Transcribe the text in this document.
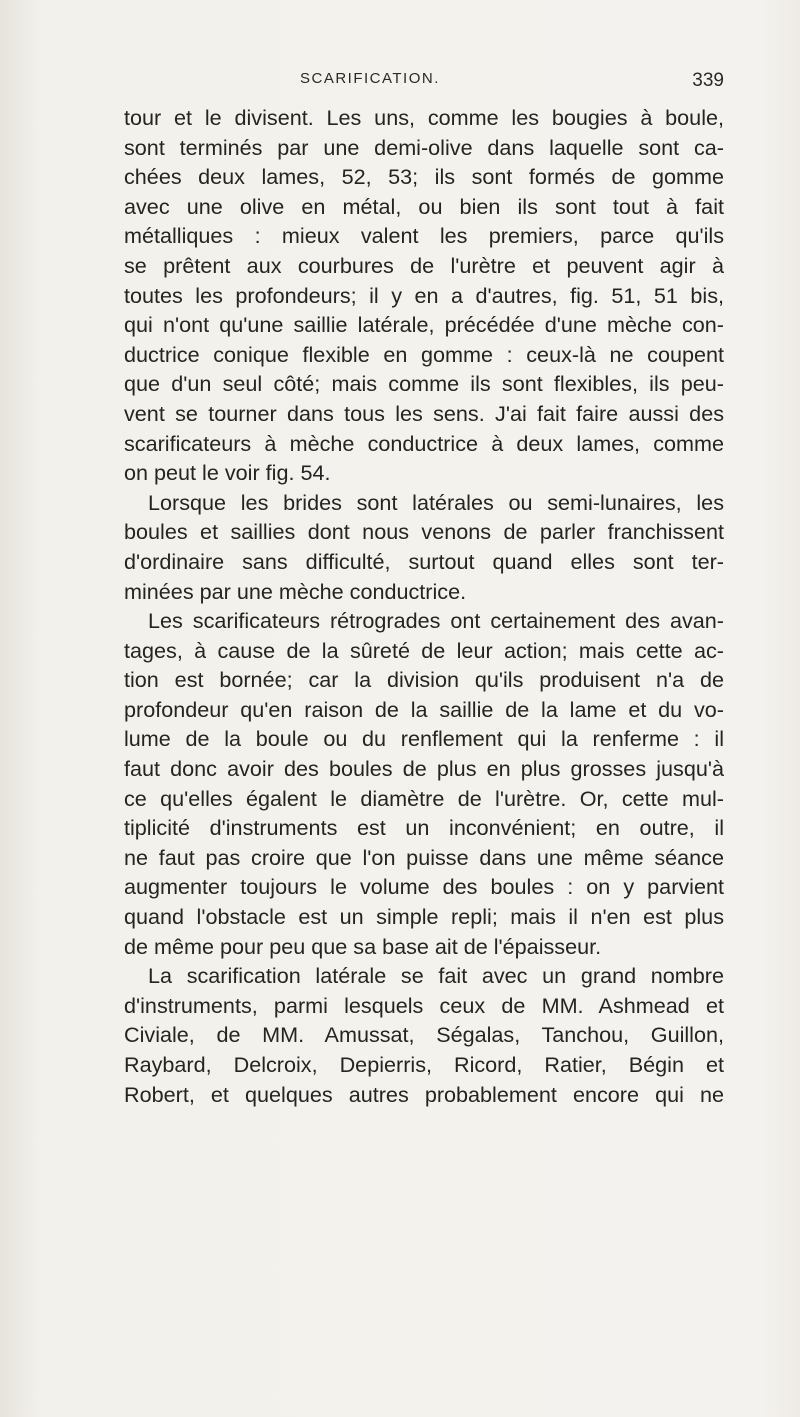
SCARIFICATION.	339
tour et le divisent. Les uns, comme les bougies à boule,
sont terminés par une demi-olive dans laquelle sont ca-
chées deux lames, 52, 53; ils sont formés de gomme
avec une olive en métal, ou bien ils sont tout à fait
métalliques : mieux valent les premiers, parce qu'ils
se prêtent aux courbures de l'urètre et peuvent agir à
toutes les profondeurs; il y en a d'autres, fig. 51, 51 bis,
qui n'ont qu'une saillie latérale, précédée d'une mèche con-
ductrice conique flexible en gomme : ceux-là ne coupent
que d'un seul côté; mais comme ils sont flexibles, ils peu-
vent se tourner dans tous les sens. J'ai fait faire aussi des
scarificateurs à mèche conductrice à deux lames, comme
on peut le voir fig. 54.
Lorsque les brides sont latérales ou semi-lunaires, les
boules et saillies dont nous venons de parler franchissent
d'ordinaire sans difficulté, surtout quand elles sont ter-
minées par une mèche conductrice.
Les scarificateurs rétrogrades ont certainement des avan-
tages, à cause de la sûreté de leur action; mais cette ac-
tion est bornée; car la division qu'ils produisent n'a de
profondeur qu'en raison de la saillie de la lame et du vo-
lume de la boule ou du renflement qui la renferme : il
faut donc avoir des boules de plus en plus grosses jusqu'à
ce qu'elles égalent le diamètre de l'urètre. Or, cette mul-
tiplicité d'instruments est un inconvénient; en outre, il
ne faut pas croire que l'on puisse dans une même séance
augmenter toujours le volume des boules : on y parvient
quand l'obstacle est un simple repli; mais il n'en est plus
de même pour peu que sa base ait de l'épaisseur.
La scarification latérale se fait avec un grand nombre
d'instruments, parmi lesquels ceux de MM. Ashmead et
Civiale, de MM. Amussat, Ségalas, Tanchou, Guillon,
Raybard, Delcroix, Depierris, Ricord, Ratier, Bégin et
Robert, et quelques autres probablement encore qui ne
